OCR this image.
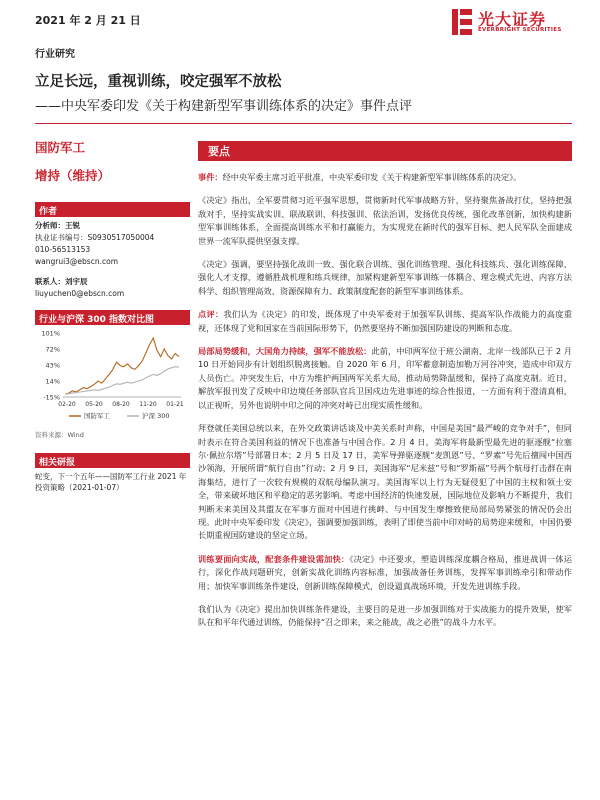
2021 年 2 月 21 日	光大证券
EVERBRIGHT SECURITIES
行业研究
立足长远，重视训练，咬定强军不放松
——中央军委印发《关于构建新型军事训练体系的决定》事件点评
国防军工
增持（维持）
作者
分析师：王锐
执业证书编号：S0930517050004
010-56513153
wangrui3@ebscn.com
联系人：刘宇辰
liuyuchen0@ebscn.com
行业与沪深 300 指数对比图
101%
72%
43%
14%
-15%
02-20 05-20 08-20 11-20 01-21
国防军工	沪深 300
资料来源：Wind
相关研报
蛇变，下一个五年——国防军工行业 2021 年投资策略（2021-01-07）
要点
事件：经中央军委主席习近平批准，中央军委印发《关于构建新型军事训练体系的决定》。
《决定》指出，全军要贯彻习近平强军思想，贯彻新时代军事战略方针，坚持聚焦备战打仗，坚持把强敌对手，坚持实战实训、联战联训、科技强训、依法治训，发扬优良传统，强化改革创新，加快构建新型军事训练体系，全面提高训练水平和打赢能力，为实现党在新时代的强军目标、把人民军队全面建成世界一流军队提供坚强支撑。
《决定》强调，要坚持强化战训一致、强化联合训练、强化训练管理、强化科技练兵、强化训练保障、强化人才支撑，遵循胜战机理和练兵规律，加紧构建新型军事训练一体耦合、理念模式先进、内容方法科学、组织管理高效、资源保障有力、政策制度配套的新型军事训练体系。
点评：我们认为《决定》的印发，既体现了中央军委对于加强军队训练、提高军队作战能力的高度重视，还体现了党和国家在当前国际形势下，仍然要坚持不断加强国防建设的判断和态度。
局部局势缓和，大国角力持续，强军不能放松：此前，中印两军位于班公湖南、北岸一线部队已于 2 月 10 日开始同步有计划组织脱离接触。自 2020 年 6 月，印军蓄意制造加勒万河谷冲突，造成中印双方人员伤亡。冲突发生后，中方为维护两国两军关系大局，推动局势降温缓和，保持了高度克制。近日，解放军报刊发了反映中印边境任务部队官兵卫国戍边先进事迹的综合性报道，一方面有利于澄清真相，以正视听，另外也说明中印之间的冲突对峙已出现实质性缓和。
拜登就任美国总统以来，在外交政策讲话谈及中美关系时声称，中国是美国“最严峻的竞争对手”，但同时表示在符合美国利益的情况下也准备与中国合作。2 月 4 日，美海军将最新型最先进的驱逐舰“拉塞尔·佩拉尔塔”号部署日本；2 月 5 日及 17 日，美军导弹驱逐舰“麦凯恩”号、“罗素”号先后擅闯中国西沙领海，开展所谓“航行自由”行动；2 月 9 日，美国海军“尼米兹”号和“罗斯福”号两个航母打击群在南海集结，进行了一次较有规模的双航母编队演习。美国海军以上行为无疑侵犯了中国的主权和领土安全，带来破坏地区和平稳定的恶劣影响。考虑中国经济的快速发展，国际地位及影响力不断提升，我们判断未来美国及其盟友在军事方面对中国进行挑衅、与中国发生摩擦致使局部局势紧张的情况仍会出现。此时中央军委印发《决定》，强调要加强训练，表明了即使当前中印对峙的局势迎来缓和，中国仍要长期重视国防建设的坚定立场。
训练要面向实战，配套条件建设需加快：《决定》中还要求，塑造训练深度耦合格局，推进战训一体运行，深化作战问题研究，创新实战化训练内容标准，加强战备任务训练，发挥军事训练牵引和带动作用；加快军事训练条件建设，创新训练保障模式，创设逼真战场环境，开发先进训练手段。
我们认为《决定》提出加快训练条件建设，主要目的是进一步加强训练对于实战能力的提升效果，使军队在和平年代通过训练，仍能保持“召之即来，来之能战，战之必胜”的战斗力水平。
